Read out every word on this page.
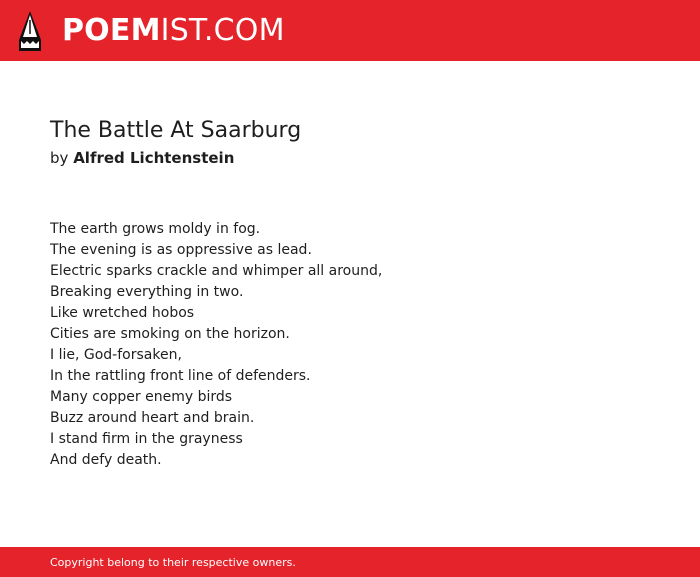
POEMIST.COM
The Battle At Saarburg
by Alfred Lichtenstein
The earth grows moldy in fog.
The evening is as oppressive as lead.
Electric sparks crackle and whimper all around,
Breaking everything in two.
Like wretched hobos
Cities are smoking on the horizon.
I lie, God-forsaken,
In the rattling front line of defenders.
Many copper enemy birds
Buzz around heart and brain.
I stand firm in the grayness
And defy death.
Copyright belong to their respective owners.
